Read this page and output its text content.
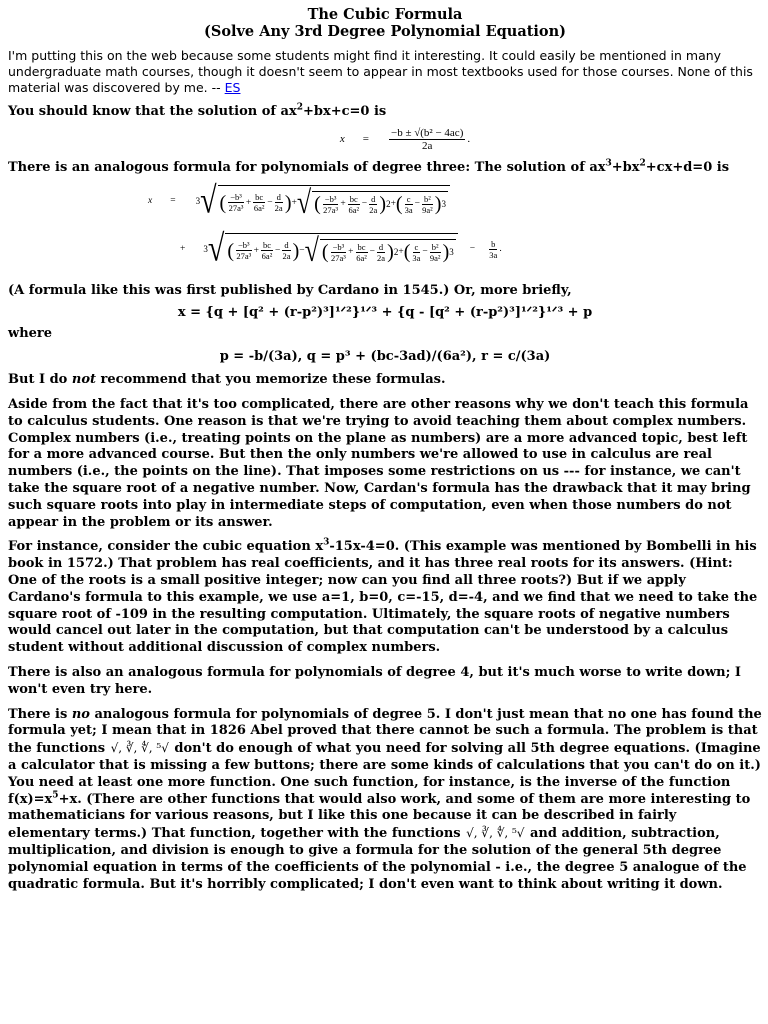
The Cubic Formula
(Solve Any 3rd Degree Polynomial Equation)

I'm putting this on the web because some students might find it interesting. It could easily be mentioned in many undergraduate math courses, though it doesn't seem to appear in most textbooks used for those courses. None of this material was discovered by me. -- ES

You should know that the solution of $ax^2+bx+c=0$ is

$x = \frac{\text{−b ± √(b² − 4ac)}}{2a}$ .

There is an analogous formula for polynomials of degree three: The solution of $ax^3+bx^2+cx+d=0$ is

x = 3 √ ( $\frac{\text{−b³}}{\text{27a³}} + \frac{bc}{\text{6a²}} - \frac{d}{2a}$ ) + √ ( $\frac{\text{−b³}}{\text{27a³}} + \frac{bc}{\text{6a²}} - \frac{d}{2a}$ ) 2 + ( $\frac{c}{3a} - \frac{\text{b²}}{\text{9a²}}$ ) 3
+ 3 √ ( $\frac{\text{−b³}}{\text{27a³}} + \frac{bc}{\text{6a²}} - \frac{d}{2a}$ ) − √ ( $\frac{\text{−b³}}{\text{27a³}} + \frac{bc}{\text{6a²}} - \frac{d}{2a}$ ) 2 + ( $\frac{c}{3a} - \frac{\text{b²}}{\text{9a²}}$ ) $3 - \frac{b}{3a}$ .

(A formula like this was first published by Cardano in 1545.) Or, more briefly,

x = {q + [q² + (r-p²)³]¹ᐟ²}¹ᐟ³ + {q - [q² + (r-p²)³]¹ᐟ²}¹ᐟ³ + p

where

p = -b/(3a), q = p³ + (bc-3ad)/(6a²), r = c/(3a)

But I do not recommend that you memorize these formulas.

Aside from the fact that it's too complicated, there are other reasons why we don't teach this formula to calculus students. One reason is that we're trying to avoid teaching them about complex numbers. Complex numbers (i.e., treating points on the plane as numbers) are a more advanced topic, best left for a more advanced course. But then the only numbers we're allowed to use in calculus are real numbers (i.e., the points on the line). That imposes some restrictions on us --- for instance, we can't take the square root of a negative number. Now, Cardan's formula has the drawback that it may bring such square roots into play in intermediate steps of computation, even when those numbers do not appear in the problem or its answer.

For instance, consider the cubic equation $x^3-15x-4=0$. (This example was mentioned by Bombelli in his book in 1572.) That problem has real coefficients, and it has three real roots for its answers. (Hint: One of the roots is a small positive integer; now can you find all three roots?) But if we apply Cardano's formula to this example, we use a=1, b=0, c=-15, d=-4, and we find that we need to take the square root of -109 in the resulting computation. Ultimately, the square roots of negative numbers would cancel out later in the computation, but that computation can't be understood by a calculus student without additional discussion of complex numbers.

There is also an analogous formula for polynomials of degree 4, but it's much worse to write down; I won't even try here.

There is no analogous formula for polynomials of degree 5. I don't just mean that no one has found the formula yet; I mean that in 1826 Abel proved that there cannot be such a formula. The problem is that the functions √, ∛, ∜, ⁵√ don't do enough of what you need for solving all 5th degree equations. (Imagine a calculator that is missing a few buttons; there are some kinds of calculations that you can't do on it.) You need at least one more function. One such function, for instance, is the inverse of the function $f(x)=x^5+x$. (There are other functions that would also work, and some of them are more interesting to mathematicians for various reasons, but I like this one because it can be described in fairly elementary terms.) That function, together with the functions √, ∛, ∜, ⁵√ and addition, subtraction, multiplication, and division is enough to give a formula for the solution of the general 5th degree polynomial equation in terms of the coefficients of the polynomial - i.e., the degree 5 analogue of the quadratic formula. But it's horribly complicated; I don't even want to think about writing it down.
